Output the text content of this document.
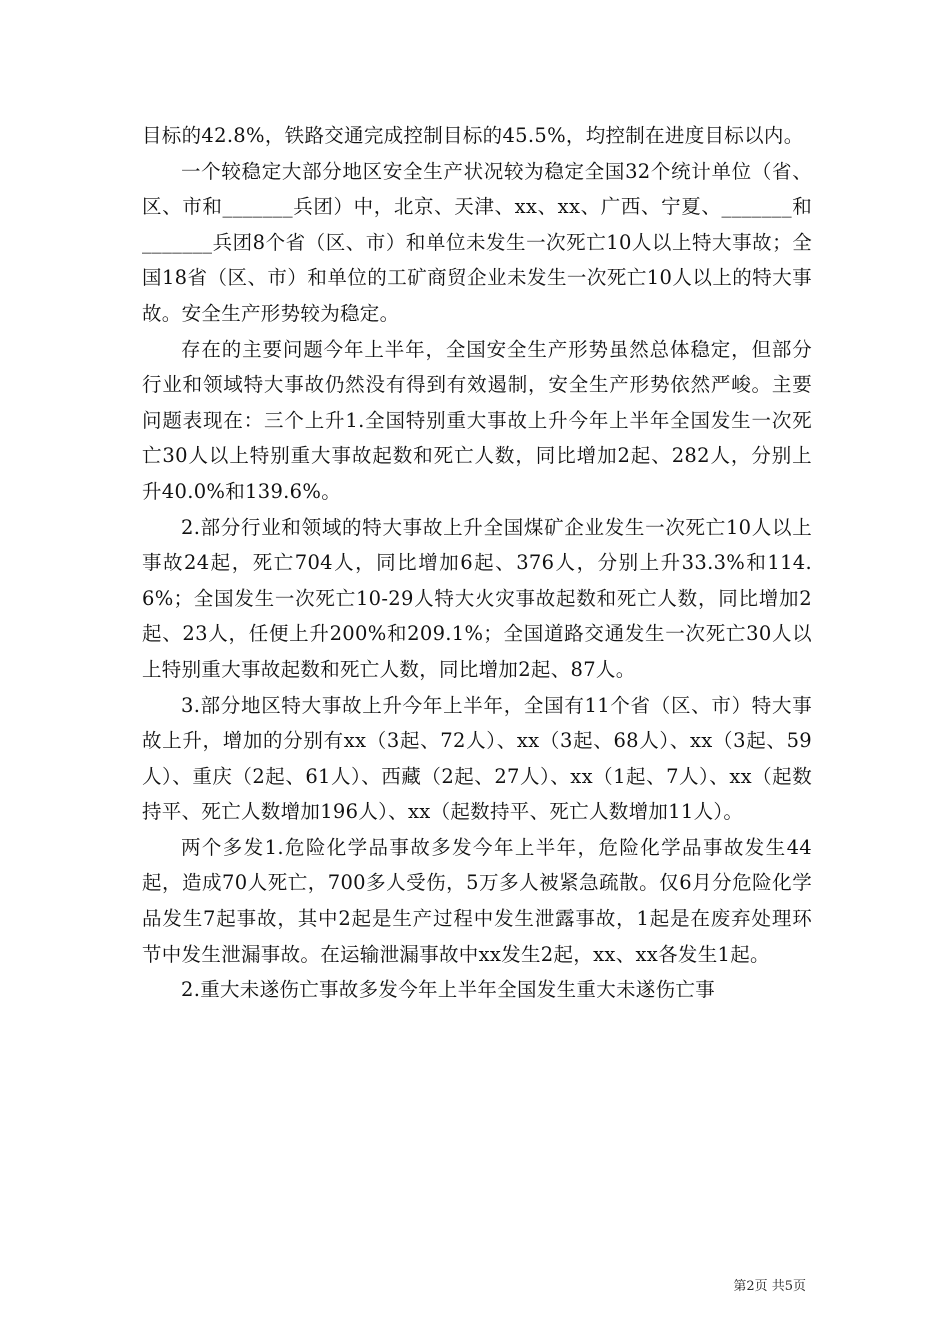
目标的42.8%，铁路交通完成控制目标的45.5%，均控制在进度目标以内。

一个较稳定大部分地区安全生产状况较为稳定全国32个统计单位（省、区、市和_______兵团）中，北京、天津、xx、xx、广西、宁夏、_______和_______兵团8个省（区、市）和单位未发生一次死亡10人以上特大事故；全国18省（区、市）和单位的工矿商贸企业未发生一次死亡10人以上的特大事故。安全生产形势较为稳定。

存在的主要问题今年上半年，全国安全生产形势虽然总体稳定，但部分行业和领域特大事故仍然没有得到有效遏制，安全生产形势依然严峻。主要问题表现在：三个上升1.全国特别重大事故上升今年上半年全国发生一次死亡30人以上特别重大事故起数和死亡人数，同比增加2起、282人，分别上升40.0%和139.6%。

2.部分行业和领域的特大事故上升全国煤矿企业发生一次死亡10人以上事故24起，死亡704人，同比增加6起、376人，分别上升33.3%和114.6%；全国发生一次死亡10-29人特大火灾事故起数和死亡人数，同比增加2起、23人，任便上升200%和209.1%；全国道路交通发生一次死亡30人以上特别重大事故起数和死亡人数，同比增加2起、87人。

3.部分地区特大事故上升今年上半年，全国有11个省（区、市）特大事故上升，增加的分别有xx（3起、72人）、xx（3起、68人）、xx（3起、59人）、重庆（2起、61人）、西藏（2起、27人）、xx（1起、7人）、xx（起数持平、死亡人数增加196人）、xx（起数持平、死亡人数增加11人）。

两个多发1.危险化学品事故多发今年上半年，危险化学品事故发生44起，造成70人死亡，700多人受伤，5万多人被紧急疏散。仅6月分危险化学品发生7起事故，其中2起是生产过程中发生泄露事故，1起是在废弃处理环节中发生泄漏事故。在运输泄漏事故中xx发生2起，xx、xx各发生1起。

2.重大未遂伤亡事故多发今年上半年全国发生重大未遂伤亡事

第2页 共5页
